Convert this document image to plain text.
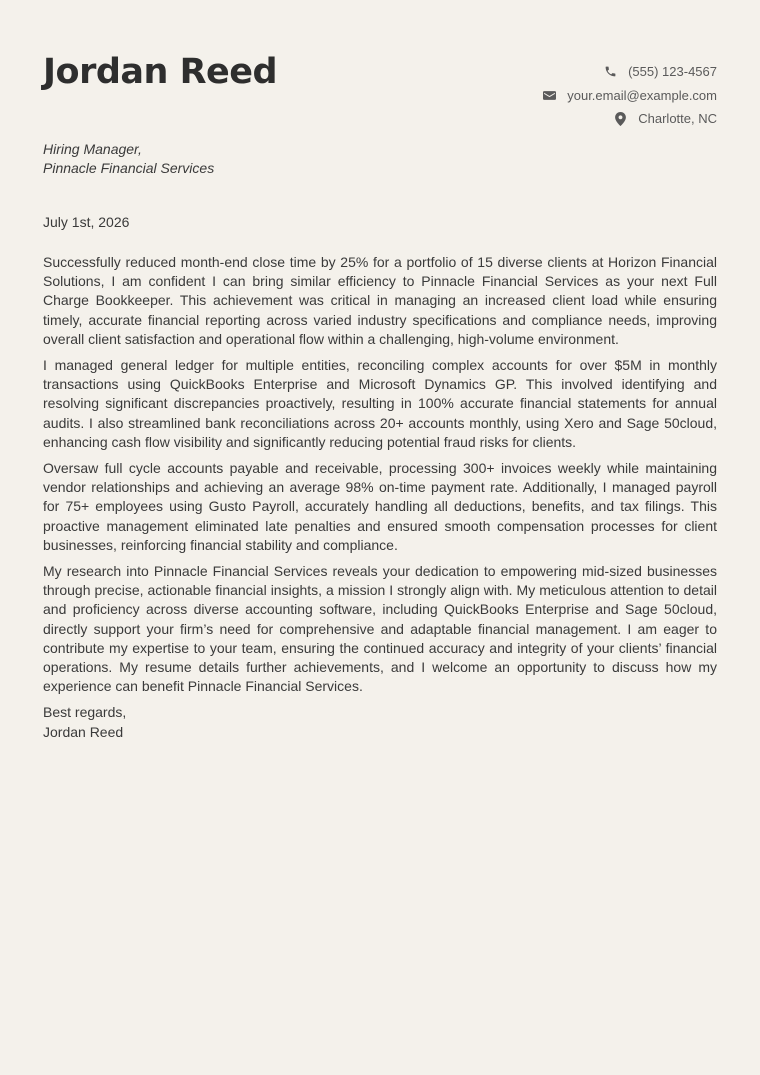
Jordan Reed	(555) 123-4567
your.email@example.com
Charlotte, NC
Hiring Manager,
Pinnacle Financial Services
July 1st, 2026

Successfully reduced month-end close time by 25% for a portfolio of 15 diverse clients at Horizon Financial Solutions, I am confident I can bring similar efficiency to Pinnacle Financial Services as your next Full Charge Bookkeeper. This achievement was critical in managing an increased client load while ensuring timely, accurate financial reporting across varied industry specifications and compliance needs, improving overall client satisfaction and operational flow within a challenging, high-volume environment.

I managed general ledger for multiple entities, reconciling complex accounts for over $5M in monthly transactions using QuickBooks Enterprise and Microsoft Dynamics GP. This involved identifying and resolving significant discrepancies proactively, resulting in 100% accurate financial statements for annual audits. I also streamlined bank reconciliations across 20+ accounts monthly, using Xero and Sage 50cloud, enhancing cash flow visibility and significantly reducing potential fraud risks for clients.

Oversaw full cycle accounts payable and receivable, processing 300+ invoices weekly while maintaining vendor relationships and achieving an average 98% on-time payment rate. Additionally, I managed payroll for 75+ employees using Gusto Payroll, accurately handling all deductions, benefits, and tax filings. This proactive management eliminated late penalties and ensured smooth compensation processes for client businesses, reinforcing financial stability and compliance.

My research into Pinnacle Financial Services reveals your dedication to empowering mid-sized businesses through precise, actionable financial insights, a mission I strongly align with. My meticulous attention to detail and proficiency across diverse accounting software, including QuickBooks Enterprise and Sage 50cloud, directly support your firm’s need for comprehensive and adaptable financial management. I am eager to contribute my expertise to your team, ensuring the continued accuracy and integrity of your clients’ financial operations. My resume details further achievements, and I welcome an opportunity to discuss how my experience can benefit Pinnacle Financial Services.

Best regards,
Jordan Reed
